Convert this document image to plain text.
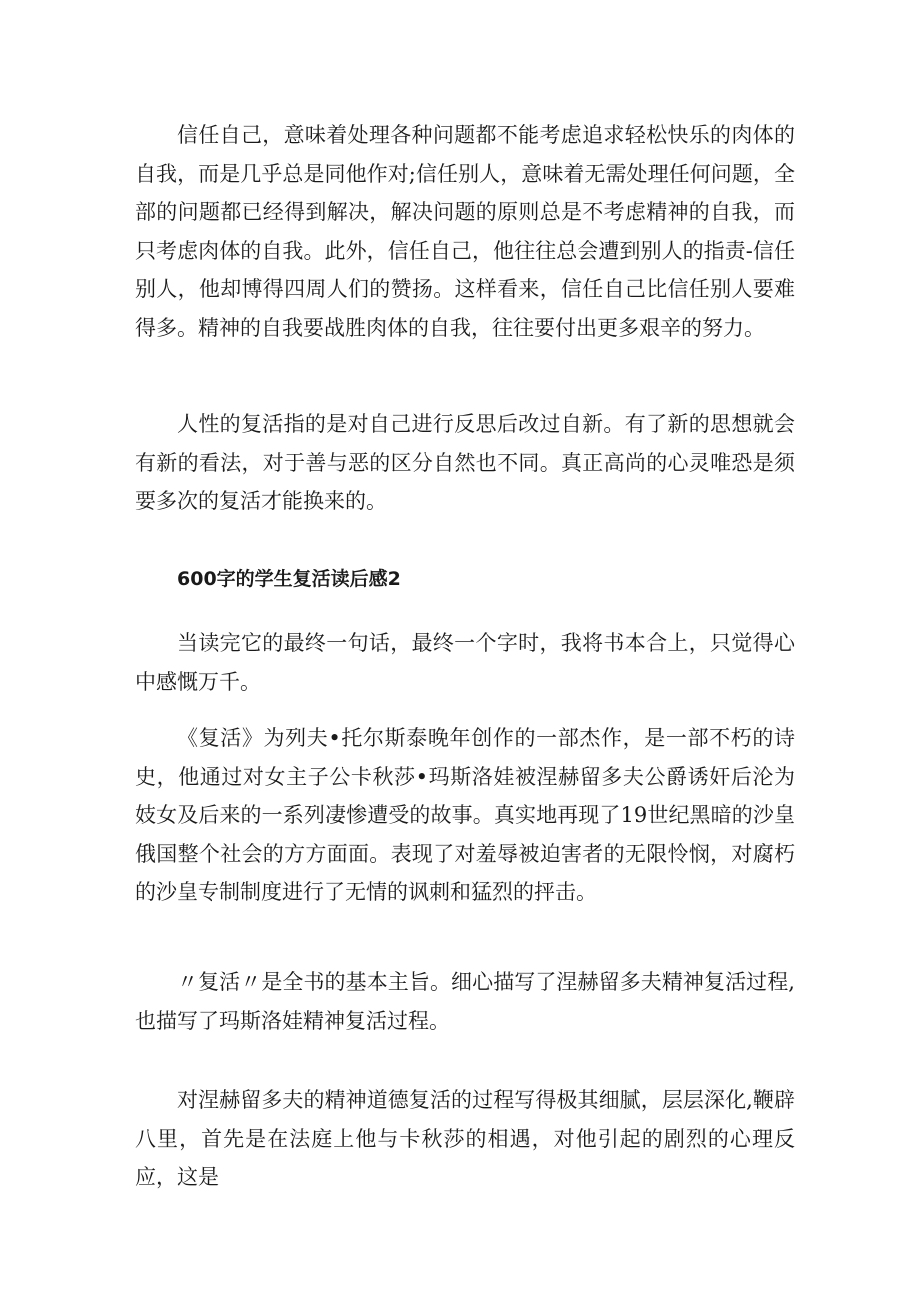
信任自己，意味着处理各种问题都不能考虑追求轻松快乐的肉体的自我，而是几乎总是同他作对;信任别人，意味着无需处理任何问题，全部的问题都已经得到解决，解决问题的原则总是不考虑精神的自我，而只考虑肉体的自我。此外，信任自己，他往往总会遭到别人的指责-信任别人，他却博得四周人们的赞扬。这样看来，信任自己比信任别人要难得多。精神的自我要战胜肉体的自我，往往要付出更多艰辛的努力。

人性的复活指的是对自己进行反思后改过自新。有了新的思想就会有新的看法，对于善与恶的区分自然也不同。真正高尚的心灵唯恐是须要多次的复活才能换来的。

600字的学生复活读后感2

当读完它的最终一句话，最终一个字时，我将书本合上，只觉得心中感慨万千。

《复活》为列夫•托尔斯泰晚年创作的一部杰作，是一部不朽的诗史，他通过对女主子公卡秋莎•玛斯洛娃被涅赫留多夫公爵诱奸后沦为妓女及后来的一系列凄惨遭受的故事。真实地再现了19世纪黑暗的沙皇俄国整个社会的方方面面。表现了对羞辱被迫害者的无限怜悯，对腐朽的沙皇专制制度进行了无情的讽刺和猛烈的抨击。

〃复活〃是全书的基本主旨。细心描写了涅赫留多夫精神复活过程,也描写了玛斯洛娃精神复活过程。

对涅赫留多夫的精神道德复活的过程写得极其细腻，层层深化,鞭辟八里，首先是在法庭上他与卡秋莎的相遇，对他引起的剧烈的心理反应，这是
